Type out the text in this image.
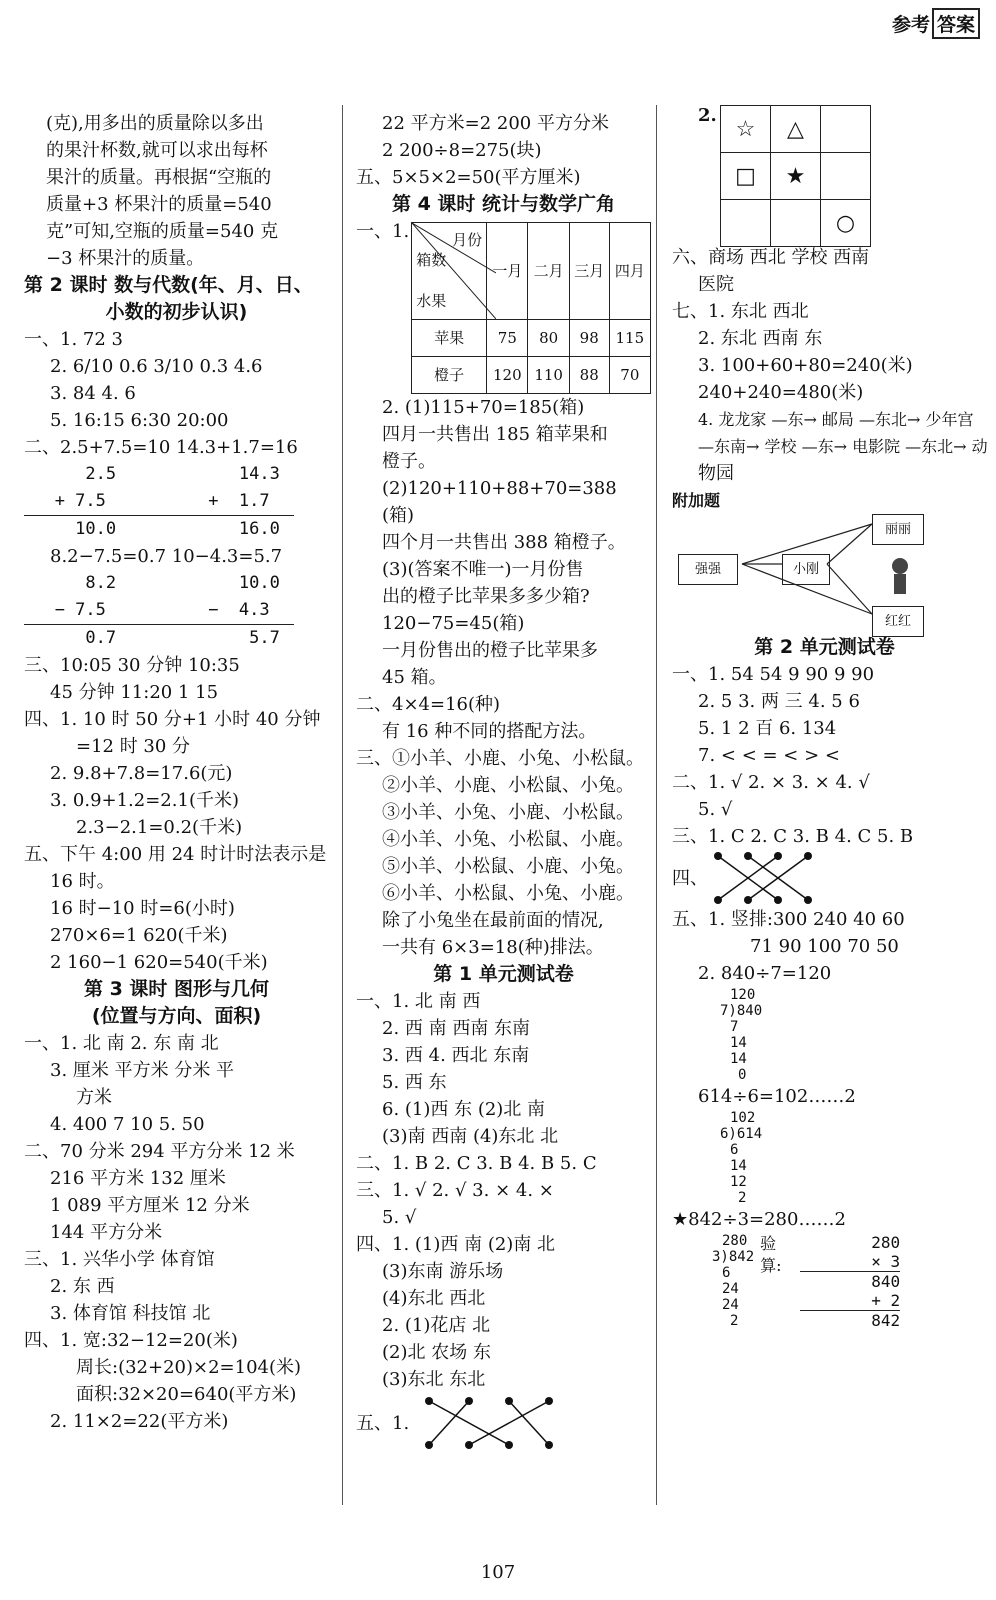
参考 答案
(克),用多出的质量除以多出
的果汁杯数,就可以求出每杯
果汁的质量。再根据“空瓶的
质量+3 杯果汁的质量=540
克”可知,空瓶的质量=540 克
−3 杯果汁的质量。
第 2 课时 数与代数(年、月、日、
小数的初步认识)
一、1. 72 3
2. 6/10 0.6 3/10 0.3 4.6
3. 84 4. 6
5. 16:15 6:30 20:00
二、2.5+7.5=10 14.3+1.7=16
2.5            14.3
+ 7.5          +  1.7
10.0            16.0
8.2−7.5=0.7 10−4.3=5.7
8.2            10.0
− 7.5          −  4.3
0.7             5.7
三、10:05 30 分钟 10:35
45 分钟 11:20 1 15
四、1. 10 时 50 分+1 小时 40 分钟
=12 时 30 分
2. 9.8+7.8=17.6(元)
3. 0.9+1.2=2.1(千米)
2.3−2.1=0.2(千米)
五、下午 4:00 用 24 时计时法表示是
16 时。
16 时−10 时=6(小时)
270×6=1 620(千米)
2 160−1 620=540(千米)
第 3 课时 图形与几何
(位置与方向、面积)
一、1. 北 南 2. 东 南 北
3. 厘米 平方米 分米 平
方米
4. 400 7 10 5. 50
二、70 分米 294 平方分米 12 米
216 平方米 132 厘米
1 089 平方厘米 12 分米
144 平方分米
三、1. 兴华小学 体育馆
2. 东 西
3. 体育馆 科技馆 北
四、1. 宽:32−12=20(米)
周长:(32+20)×2=104(米)
面积:32×20=640(平方米)
2. 11×2=22(平方米)
22 平方米=2 200 平方分米
2 200÷8=275(块)
五、5×5×2=50(平方厘米)
第 4 课时 统计与数学广角
一、1.	月份
箱数
水果	一月	二月	三月	四月
苹果	75	80	98	115
橙子	120	110	88	70
2. (1)115+70=185(箱)
四月一共售出 185 箱苹果和
橙子。
(2)120+110+88+70=388
(箱)
四个月一共售出 388 箱橙子。
(3)(答案不唯一)一月份售
出的橙子比苹果多多少箱?
120−75=45(箱)
一月份售出的橙子比苹果多
45 箱。
二、4×4=16(种)
有 16 种不同的搭配方法。
三、①小羊、小鹿、小兔、小松鼠。
②小羊、小鹿、小松鼠、小兔。
③小羊、小兔、小鹿、小松鼠。
④小羊、小兔、小松鼠、小鹿。
⑤小羊、小松鼠、小鹿、小兔。
⑥小羊、小松鼠、小兔、小鹿。
除了小兔坐在最前面的情况,
一共有 6×3=18(种)排法。
第 1 单元测试卷
一、1. 北 南 西
2. 西 南 西南 东南
3. 西 4. 西北 东南
5. 西 东
6. (1)西 东 (2)北 南
(3)南 西南 (4)东北 北
二、1. B 2. C 3. B 4. B 5. C
三、1. √ 2. √ 3. × 4. ×
5. √
四、1. (1)西 南 (2)南 北
(3)东南 游乐场
(4)东北 西北
2. (1)花店 北
(2)北 农场 东
(3)东北 东北
五、1.
2.
☆	△	
□	★	
		○
六、商场 西北 学校 西南
医院
七、1. 东北 西北
2. 东北 西南 东
3. 100+60+80=240(米)
240+240=480(米)
4. 龙龙家 —东→ 邮局 —东北→ 少年宫
—东南→ 学校 —东→ 电影院 —东北→ 动
物园
附加题
丽丽
强强	小刚
红红
第 2 单元测试卷
一、1. 54 54 9 90 9 90
2. 5 3. 两 三 4. 5 6
5. 1 2 百 6. 134
7. < < = < > <
二、1. √ 2. × 3. × 4. √
5. √
三、1. C 2. C 3. B 4. C 5. B
四、
五、1. 竖排:300 240 40 60
71 90 100 70 50
2. 840÷7=120
120
7)840
7
14
14
0
614÷6=102……2
102
6)614
6
14
12
2
★842÷3=280……2
280
3)842
6
24
24
2
验算:
280
× 3
840
+ 2
842
107
